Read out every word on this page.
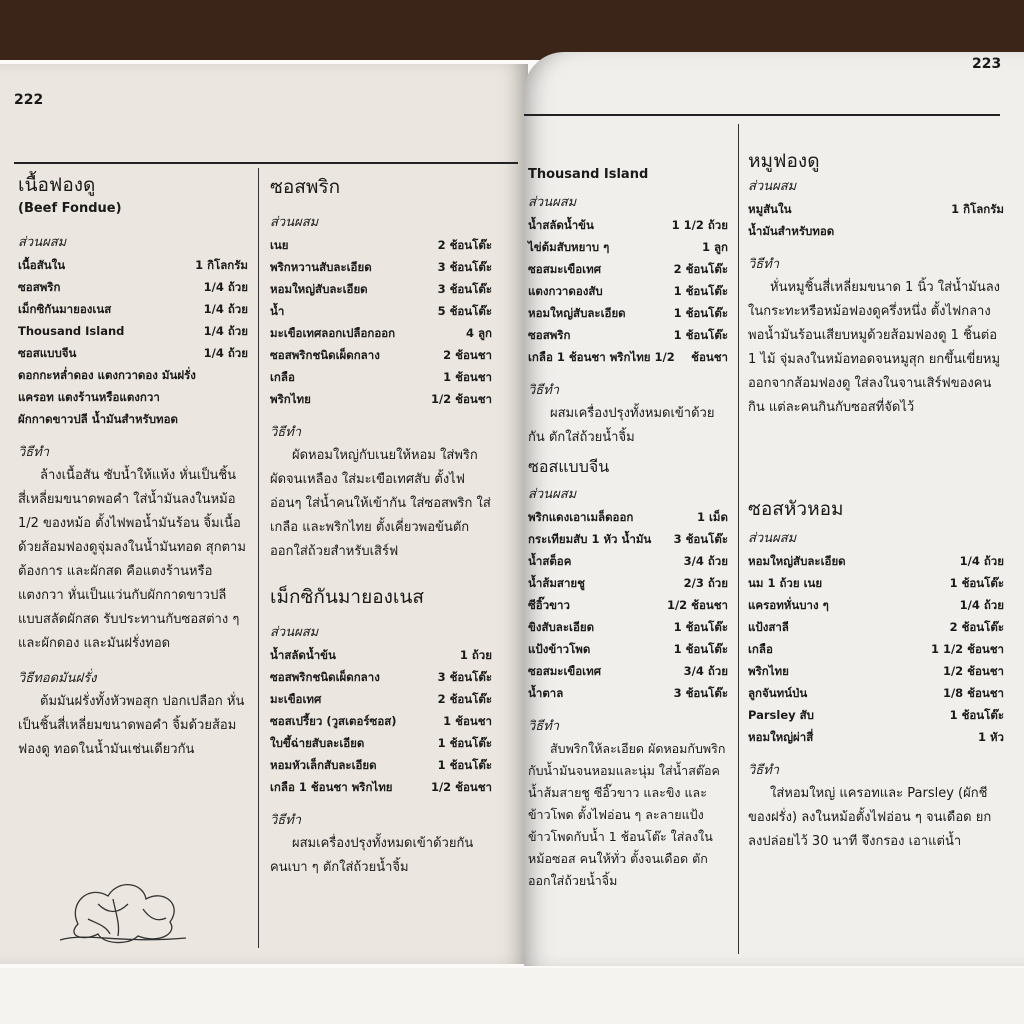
222
เนื้อฟองดู
(Beef Fondue)
ส่วนผสม
เนื้อสันใน	1 กิโลกรัม
ซอสพริก	1/4 ถ้วย
เม็กซิกันมายองเนส	1/4 ถ้วย
Thousand Island	1/4 ถ้วย
ซอสแบบจีน	1/4 ถ้วย
ดอกกะหล่ำดอง แตงกวาดอง มันฝรั่ง
แครอท แตงร้านหรือแตงกวา
ผักกาดขาวปลี น้ำมันสำหรับทอด
วิธีทำ
ล้างเนื้อสัน ซับน้ำให้แห้ง หั่นเป็นชิ้นสี่เหลี่ยมขนาดพอคำ ใส่น้ำมันลงในหม้อ 1/2 ของหม้อ ตั้งไฟพอน้ำมันร้อน จิ้มเนื้อด้วยส้อมฟองดูจุ่มลงในน้ำมันทอด สุกตามต้องการ และผักสด คือแตงร้านหรือแตงกวา หั่นเป็นแว่นกับผักกาดขาวปลี แบบสลัดผักสด รับประทานกับซอสต่าง ๆ และผักดอง และมันฝรั่งทอด
วิธีทอดมันฝรั่ง
ต้มมันฝรั่งทั้งหัวพอสุก ปอกเปลือก หั่นเป็นชิ้นสี่เหลี่ยมขนาดพอคำ จิ้มด้วยส้อมฟองดู ทอดในน้ำมันเช่นเดียวกัน
ซอสพริก
ส่วนผสม
เนย	2 ช้อนโต๊ะ
พริกหวานสับละเอียด	3 ช้อนโต๊ะ
หอมใหญ่สับละเอียด	3 ช้อนโต๊ะ
น้ำ	5 ช้อนโต๊ะ
มะเขือเทศลอกเปลือกออก	4 ลูก
ซอสพริกชนิดเผ็ดกลาง	2 ช้อนชา
เกลือ	1 ช้อนชา
พริกไทย	1/2 ช้อนชา
วิธีทำ
ผัดหอมใหญ่กับเนยให้หอม ใส่พริก ผัดจนเหลือง ใส่มะเขือเทศสับ ตั้งไฟอ่อนๆ ใส่น้ำคนให้เข้ากัน ใส่ซอสพริก ใส่เกลือ และพริกไทย ตั้งเคี่ยวพอข้นตักออกใส่ถ้วยสำหรับเสิร์ฟ
เม็กซิกันมายองเนส
ส่วนผสม
น้ำสลัดน้ำข้น	1 ถ้วย
ซอสพริกชนิดเผ็ดกลาง	3 ช้อนโต๊ะ
มะเขือเทศ	2 ช้อนโต๊ะ
ซอสเปรี้ยว (วูสเตอร์ซอส)	1 ช้อนชา
ใบขึ้ฉ่ายสับละเอียด	1 ช้อนโต๊ะ
หอมหัวเล็กสับละเอียด	1 ช้อนโต๊ะ
เกลือ 1 ช้อนชา พริกไทย	1/2 ช้อนชา
วิธีทำ
ผสมเครื่องปรุงทั้งหมดเข้าด้วยกัน คนเบา ๆ ตักใส่ถ้วยน้ำจิ้ม
223
Thousand Island
ส่วนผสม
น้ำสลัดน้ำข้น	1 1/2 ถ้วย
ไข่ต้มสับหยาบ ๆ	1 ลูก
ซอสมะเขือเทศ	2 ช้อนโต๊ะ
แตงกวาดองสับ	1 ช้อนโต๊ะ
หอมใหญ่สับละเอียด	1 ช้อนโต๊ะ
ซอสพริก	1 ช้อนโต๊ะ
เกลือ 1 ช้อนชา พริกไทย 1/2	ช้อนชา
วิธีทำ
ผสมเครื่องปรุงทั้งหมดเข้าด้วยกัน ตักใส่ถ้วยน้ำจิ้ม
ซอสแบบจีน
ส่วนผสม
พริกแดงเอาเมล็ดออก	1 เม็ด
กระเทียมสับ 1 หัว น้ำมัน	3 ช้อนโต๊ะ
น้ำสต็อค	3/4 ถ้วย
น้ำส้มสายชู	2/3 ถ้วย
ซีอิ๊วขาว	1/2 ช้อนชา
ขิงสับละเอียด	1 ช้อนโต๊ะ
แป้งข้าวโพด	1 ช้อนโต๊ะ
ซอสมะเขือเทศ	3/4 ถ้วย
น้ำตาล	3 ช้อนโต๊ะ
วิธีทำ
สับพริกให้ละเอียด ผัดหอมกับพริก กับน้ำมันจนหอมและนุ่ม ใส่น้ำสต๊อค น้ำส้มสายชู ซีอิ๊วขาว และขิง และข้าวโพด ตั้งไฟอ่อน ๆ ละลายแป้งข้าวโพดกับน้ำ 1 ช้อนโต๊ะ ใส่ลงในหม้อซอส คนให้ทั่ว ตั้งจนเดือด ตักออกใส่ถ้วยน้ำจิ้ม
หมูฟองดู
ส่วนผสม
หมูสันใน	1 กิโลกรัม
น้ำมันสำหรับทอด
วิธีทำ
หั่นหมูชิ้นสี่เหลี่ยมขนาด 1 นิ้ว ใส่น้ำมันลงในกระทะหรือหม้อฟองดูครึ่งหนึ่ง ตั้งไฟกลางพอน้ำมันร้อนเสียบหมูด้วยส้อมฟองดู 1 ชิ้นต่อ 1 ไม้ จุ่มลงในหม้อทอดจนหมูสุก ยกขึ้นเขี่ยหมูออกจากส้อมฟองดู ใส่ลงในจานเสิร์ฟของคนกิน แต่ละคนกินกับซอสที่จัดไว้
ซอสหัวหอม
ส่วนผสม
หอมใหญ่สับละเอียด	1/4 ถ้วย
นม 1 ถ้วย เนย	1 ช้อนโต๊ะ
แครอทหั่นบาง ๆ	1/4 ถ้วย
แป้งสาลี	2 ช้อนโต๊ะ
เกลือ	1 1/2 ช้อนชา
พริกไทย	1/2 ช้อนชา
ลูกจันทน์ป่น	1/8 ช้อนชา
Parsley สับ	1 ช้อนโต๊ะ
หอมใหญ่ผ่าสี่	1 หัว
วิธีทำ
ใส่หอมใหญ่ แครอทและ Parsley (ผักชีของฝรั่ง) ลงในหม้อตั้งไฟอ่อน ๆ จนเดือด ยกลงปล่อยไว้ 30 นาที จึงกรอง เอาแต่น้ำ
